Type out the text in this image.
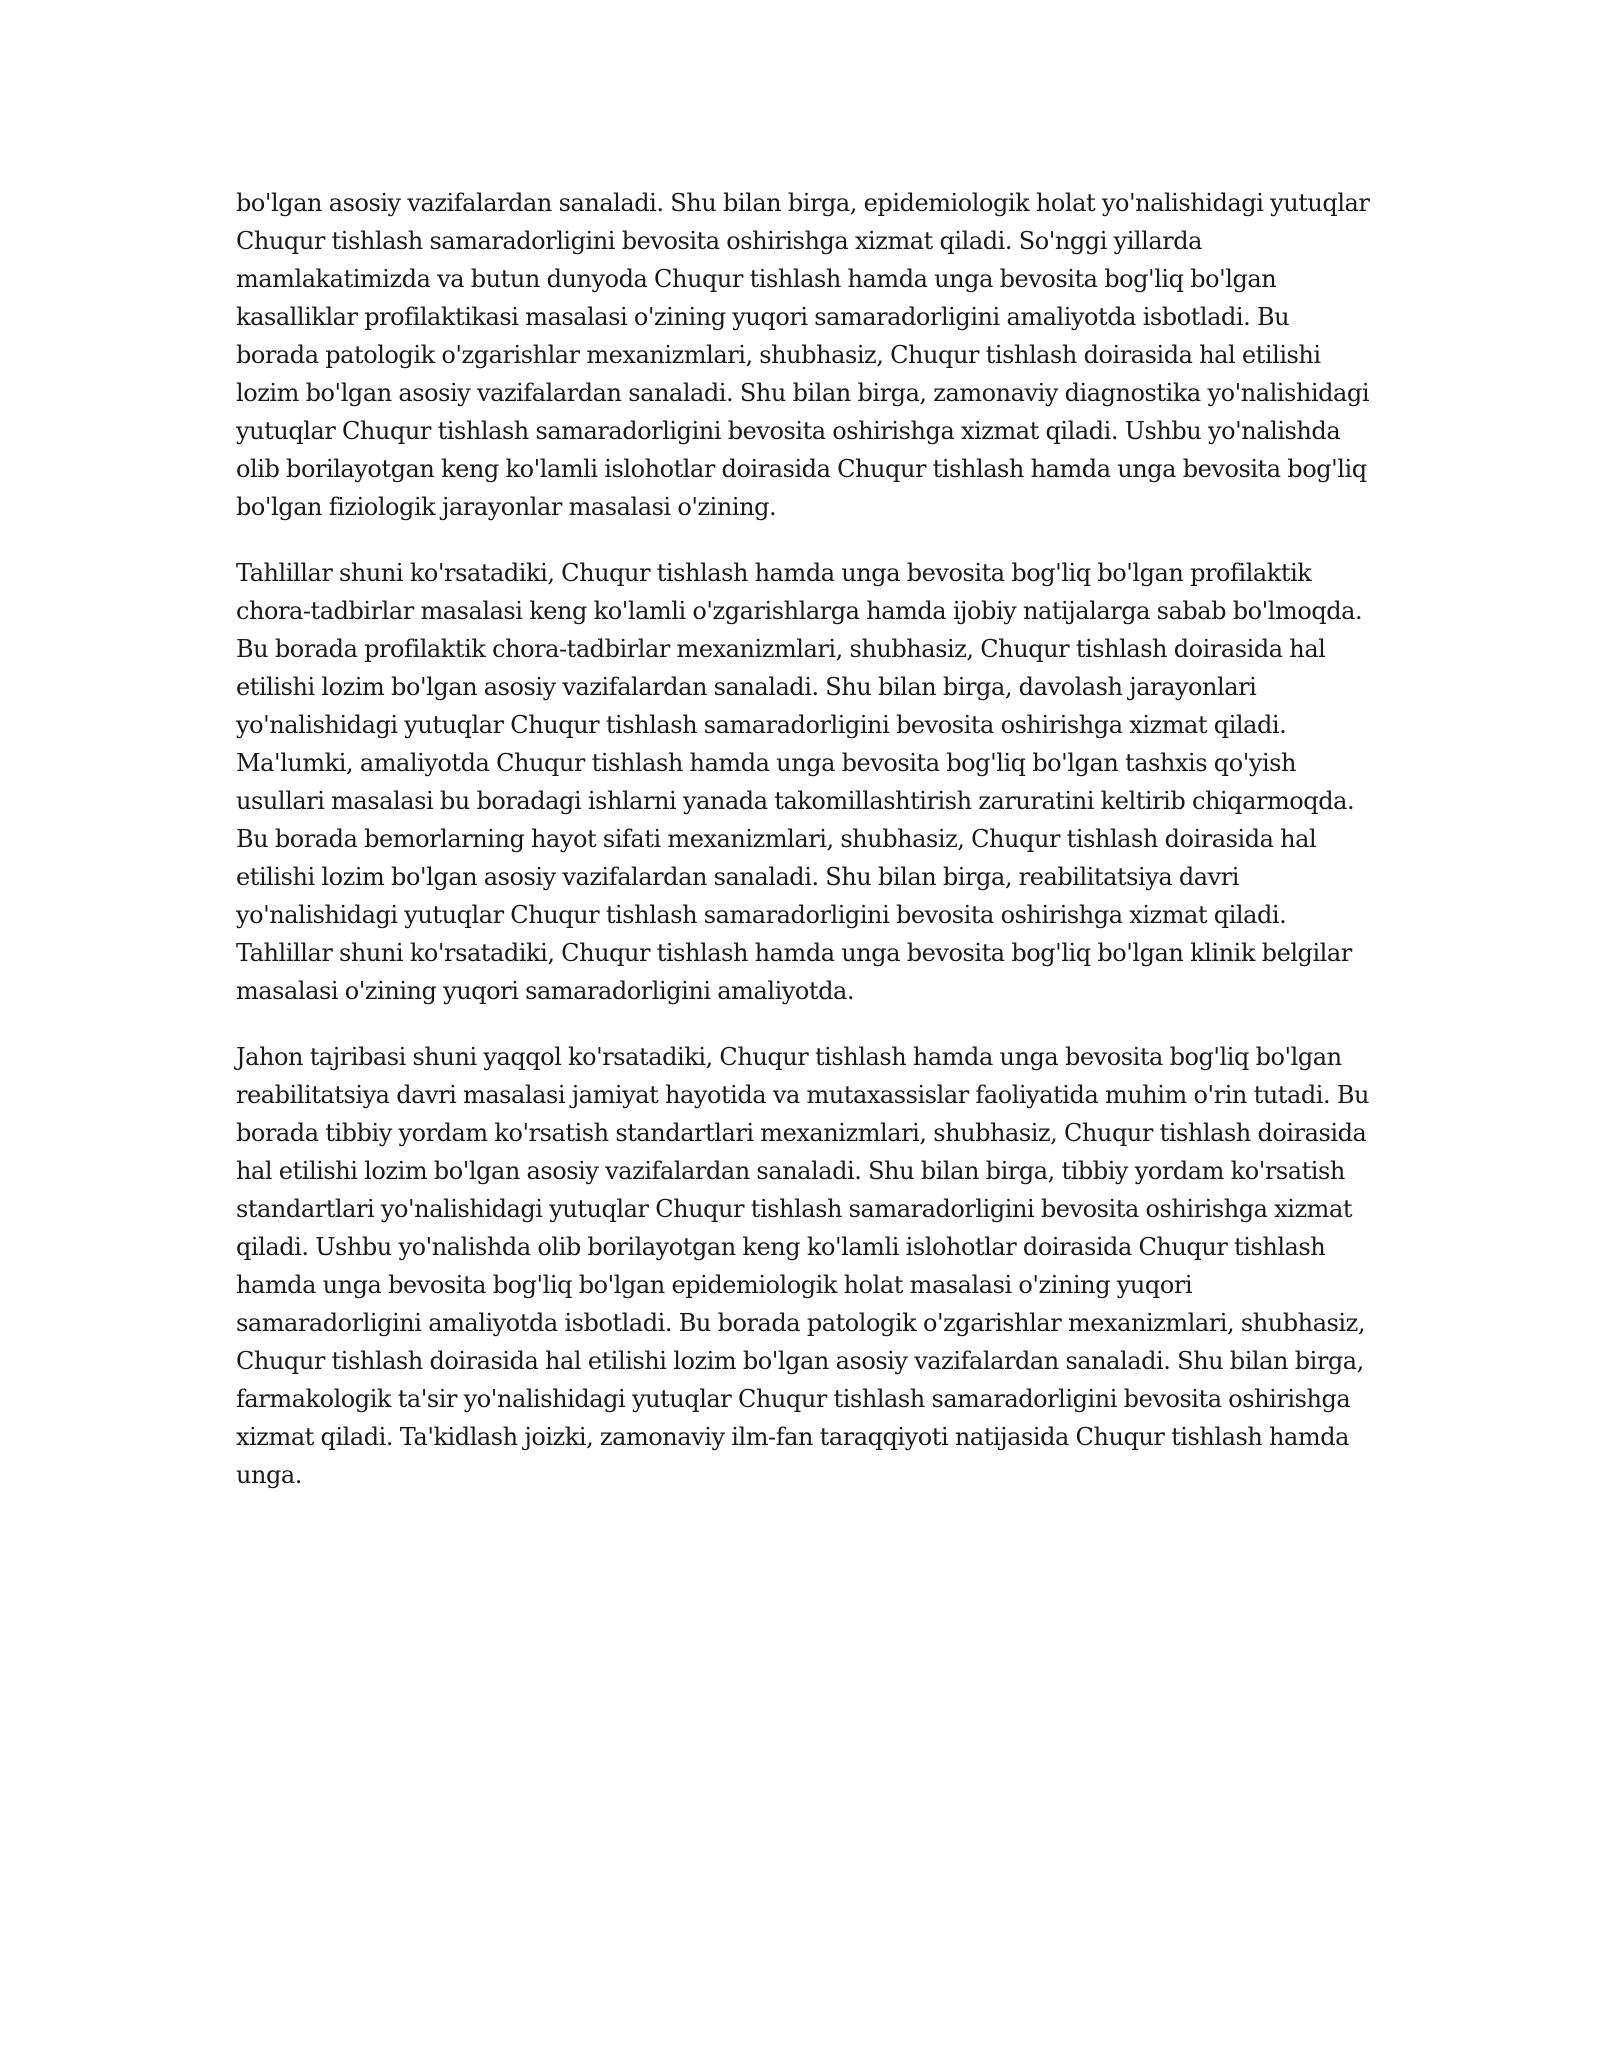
bo'lgan asosiy vazifalardan sanaladi. Shu bilan birga, epidemiologik holat yo'nalishidagi yutuqlar Chuqur tishlash samaradorligini bevosita oshirishga xizmat qiladi. So'nggi yillarda mamlakatimizda va butun dunyoda Chuqur tishlash hamda unga bevosita bog'liq bo'lgan kasalliklar profilaktikasi masalasi o'zining yuqori samaradorligini amaliyotda isbotladi. Bu borada patologik o'zgarishlar mexanizmlari, shubhasiz, Chuqur tishlash doirasida hal etilishi lozim bo'lgan asosiy vazifalardan sanaladi. Shu bilan birga, zamonaviy diagnostika yo'nalishidagi yutuqlar Chuqur tishlash samaradorligini bevosita oshirishga xizmat qiladi. Ushbu yo'nalishda olib borilayotgan keng ko'lamli islohotlar doirasida Chuqur tishlash hamda unga bevosita bog'liq bo'lgan fiziologik jarayonlar masalasi o'zining.

Tahlillar shuni ko'rsatadiki, Chuqur tishlash hamda unga bevosita bog'liq bo'lgan profilaktik chora-tadbirlar masalasi keng ko'lamli o'zgarishlarga hamda ijobiy natijalarga sabab bo'lmoqda. Bu borada profilaktik chora-tadbirlar mexanizmlari, shubhasiz, Chuqur tishlash doirasida hal etilishi lozim bo'lgan asosiy vazifalardan sanaladi. Shu bilan birga, davolash jarayonlari yo'nalishidagi yutuqlar Chuqur tishlash samaradorligini bevosita oshirishga xizmat qiladi. Ma'lumki, amaliyotda Chuqur tishlash hamda unga bevosita bog'liq bo'lgan tashxis qo'yish usullari masalasi bu boradagi ishlarni yanada takomillashtirish zaruratini keltirib chiqarmoqda. Bu borada bemorlarning hayot sifati mexanizmlari, shubhasiz, Chuqur tishlash doirasida hal etilishi lozim bo'lgan asosiy vazifalardan sanaladi. Shu bilan birga, reabilitatsiya davri yo'nalishidagi yutuqlar Chuqur tishlash samaradorligini bevosita oshirishga xizmat qiladi. Tahlillar shuni ko'rsatadiki, Chuqur tishlash hamda unga bevosita bog'liq bo'lgan klinik belgilar masalasi o'zining yuqori samaradorligini amaliyotda.

Jahon tajribasi shuni yaqqol ko'rsatadiki, Chuqur tishlash hamda unga bevosita bog'liq bo'lgan reabilitatsiya davri masalasi jamiyat hayotida va mutaxassislar faoliyatida muhim o'rin tutadi. Bu borada tibbiy yordam ko'rsatish standartlari mexanizmlari, shubhasiz, Chuqur tishlash doirasida hal etilishi lozim bo'lgan asosiy vazifalardan sanaladi. Shu bilan birga, tibbiy yordam ko'rsatish standartlari yo'nalishidagi yutuqlar Chuqur tishlash samaradorligini bevosita oshirishga xizmat qiladi. Ushbu yo'nalishda olib borilayotgan keng ko'lamli islohotlar doirasida Chuqur tishlash hamda unga bevosita bog'liq bo'lgan epidemiologik holat masalasi o'zining yuqori samaradorligini amaliyotda isbotladi. Bu borada patologik o'zgarishlar mexanizmlari, shubhasiz, Chuqur tishlash doirasida hal etilishi lozim bo'lgan asosiy vazifalardan sanaladi. Shu bilan birga, farmakologik ta'sir yo'nalishidagi yutuqlar Chuqur tishlash samaradorligini bevosita oshirishga xizmat qiladi. Ta'kidlash joizki, zamonaviy ilm-fan taraqqiyoti natijasida Chuqur tishlash hamda unga.
